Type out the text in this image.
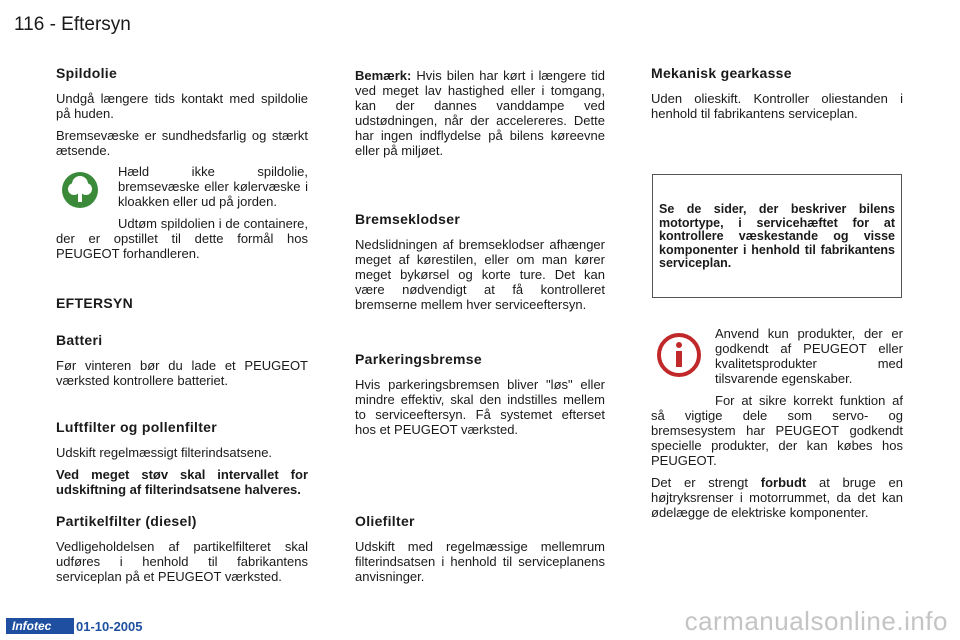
116 - Eftersyn
Spildolie

Undgå længere tids kontakt med spildolie på huden.

Bremsevæske er sundhedsfarlig og stærkt ætsende.

Hæld ikke spildolie, bremsevæske eller kølervæske i kloakken eller ud på jorden.

Udtøm spildolien i de containere, der er opstillet til dette formål hos PEUGEOT forhandleren.

EFTERSYN
Batteri

Før vinteren bør du lade et PEUGEOT værksted kontrollere batteriet.

Luftfilter og pollenfilter

Udskift regelmæssigt filterindsatsene.

Ved meget støv skal intervallet for udskiftning af filterindsatsene halveres.

Partikelfilter (diesel)

Vedligeholdelsen af partikelfilteret skal udføres i henhold til fabrikantens serviceplan på et PEUGEOT værksted.

Bemærk: Hvis bilen har kørt i længere tid ved meget lav hastighed eller i tomgang, kan der dannes vanddampe ved udstødningen, når der accelereres. Dette har ingen indflydelse på bilens køreevne eller på miljøet.

Bremseklodser

Nedslidningen af bremseklodser afhænger meget af kørestilen, eller om man kører meget bykørsel og korte ture. Det kan være nødvendigt at få kontrolleret bremserne mellem hver serviceeftersyn.

Parkeringsbremse

Hvis parkeringsbremsen bliver "løs" eller mindre effektiv, skal den indstilles mellem to serviceeftersyn. Få systemet efterset hos et PEUGEOT værksted.

Oliefilter

Udskift med regelmæssige mellemrum filterindsatsen i henhold til serviceplanens anvisninger.

Mekanisk gearkasse

Uden olieskift. Kontroller oliestanden i henhold til fabrikantens serviceplan.

Se de sider, der beskriver bilens motortype, i servicehæftet for at kontrollere væskestande og visse komponenter i henhold til fabrikantens serviceplan.

Anvend kun produkter, der er godkendt af PEUGEOT eller kvalitetsprodukter med tilsvarende egenskaber.

For at sikre korrekt funktion af så vigtige dele som servo- og bremsesystem har PEUGEOT godkendt specielle produkter, der kan købes hos PEUGEOT.

Det er strengt forbudt at bruge en højtryksrenser i motorrummet, da det kan ødelægge de elektriske komponenter.

Infotec	01-10-2005	carmanualsonline.info
